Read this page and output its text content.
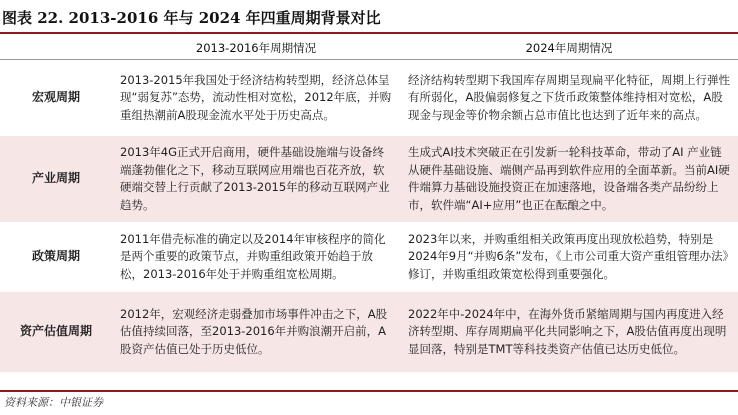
图表 22. 2013-2016 年与 2024 年四重周期背景对比
	2013-2016年周期情况	2024年周期情况
宏观周期	2013-2015年我国处于经济结构转型期，经济总体呈现“弱复苏”态势，流动性相对宽松，2012年底，并购重组热潮前A股现金流水平处于历史高点。	经济结构转型期下我国库存周期呈现扁平化特征，周期上行弹性有所弱化，A股偏弱修复之下货币政策整体维持相对宽松，A股现金与现金等价物余额占总市值比也达到了近年来的高点。
产业周期	2013年4G正式开启商用，硬件基础设施端与设备终端蓬勃催化之下，移动互联网应用端也百花齐放，软硬端交替上行贡献了2013-2015年的移动互联网产业趋势。	生成式AI技术突破正在引发新一轮科技革命，带动了AI 产业链从硬件基础设施、端侧产品再到软件应用的全面革新。当前AI硬件端算力基础设施投资正在加速落地，设备端各类产品纷纷上市，软件端“AI+应用”也正在酝酿之中。
政策周期	2011年借壳标准的确定以及2014年审核程序的简化是两个重要的政策节点，并购重组政策开始趋于放松，2013-2016年处于并购重组宽松周期。	2023年以来，并购重组相关政策再度出现放松趋势，特别是2024年9月“并购6条”发布，《上市公司重大资产重组管理办法》修订，并购重组政策宽松得到重要强化。
资产估值周期	2012年，宏观经济走弱叠加市场事件冲击之下，A股估值持续回落，至2013-2016年并购浪潮开启前，A股资产估值已处于历史低位。	2022年中-2024年中，在海外货币紧缩周期与国内再度进入经济转型期、库存周期扁平化共同影响之下，A股估值再度出现明显回落，特别是TMT等科技类资产估值已达历史低位。
资料来源：中银证券
